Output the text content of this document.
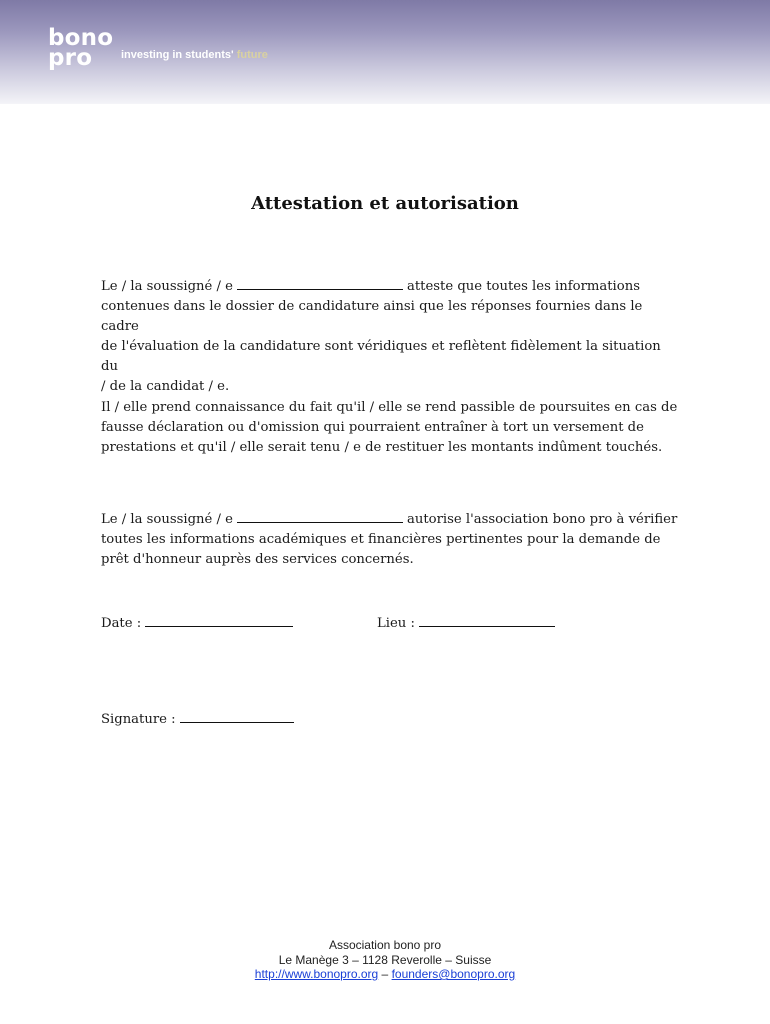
bono
pro	investing in students' future
Attestation et autorisation
Le / la soussigné / e	atteste que toutes les informations
contenues dans le dossier de candidature ainsi que les réponses fournies dans le cadre
de l'évaluation de la candidature sont véridiques et reflètent fidèlement la situation du
/ de la candidat / e.
Il / elle prend connaissance du fait qu'il / elle se rend passible de poursuites en cas de
fausse déclaration ou d'omission qui pourraient entraîner à tort un versement de
prestations et qu'il / elle serait tenu / e de restituer les montants indûment touchés.
Le / la soussigné / e	autorise l'association bono pro à vérifier
toutes les informations académiques et financières pertinentes pour la demande de
prêt d'honneur auprès des services concernés.
Date :	Lieu :
Signature :
Association bono pro
Le Manège 3 – 1128 Reverolle – Suisse
http://www.bonopro.org – founders@bonopro.org
